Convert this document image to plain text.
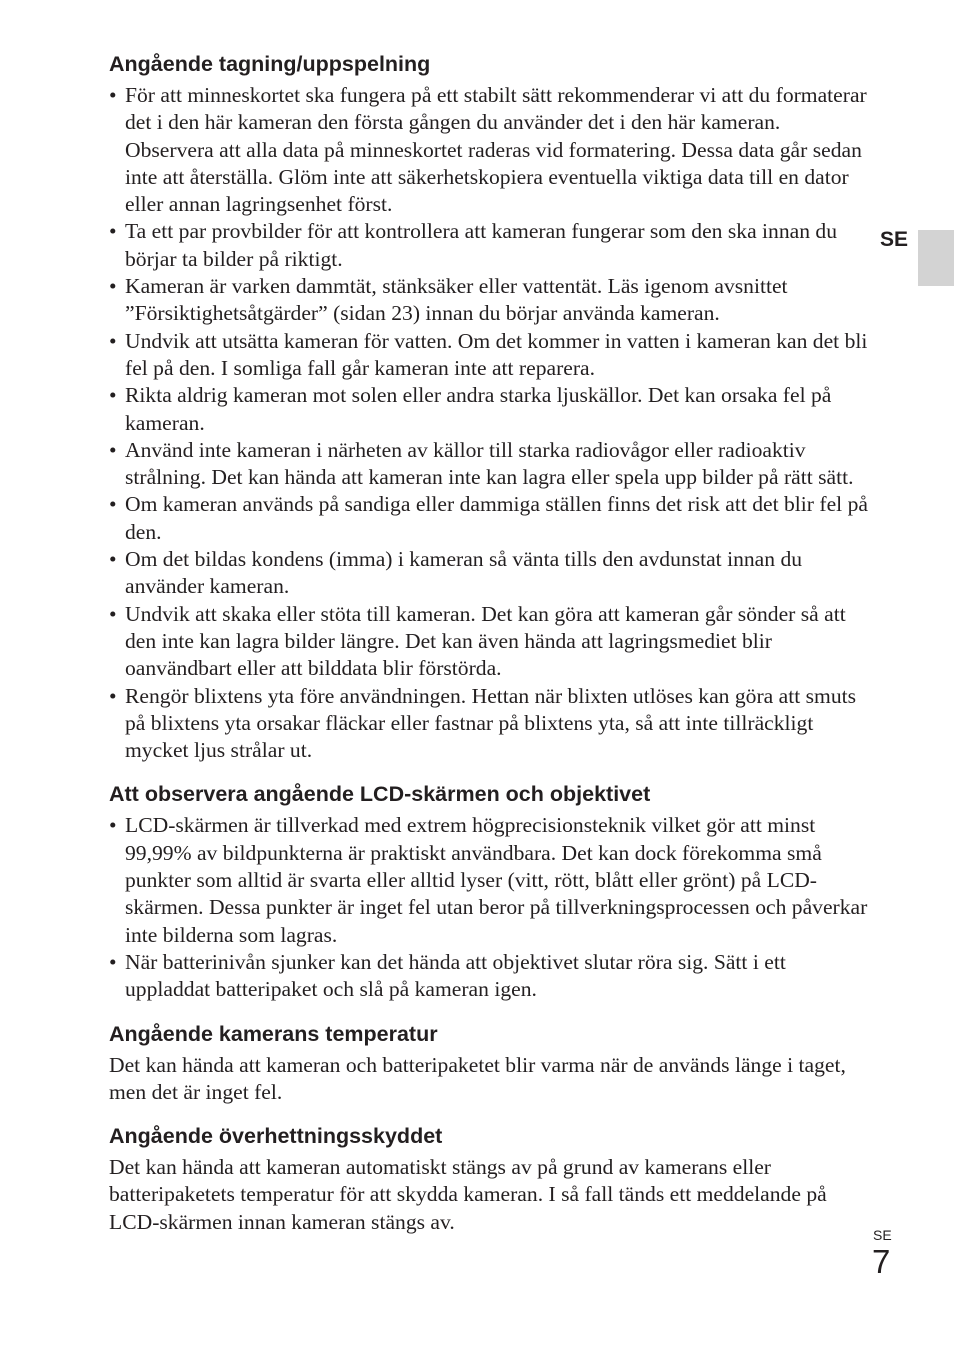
SE
Angående tagning/uppspelning
• För att minneskortet ska fungera på ett stabilt sätt rekommenderar vi att du formaterar det i den här kameran den första gången du använder det i den här kameran. Observera att alla data på minneskortet raderas vid formatering. Dessa data går sedan inte att återställa. Glöm inte att säkerhetskopiera eventuella viktiga data till en dator eller annan lagringsenhet först.
• Ta ett par provbilder för att kontrollera att kameran fungerar som den ska innan du börjar ta bilder på riktigt.
• Kameran är varken dammtät, stänksäker eller vattentät. Läs igenom avsnittet ”Försiktighetsåtgärder” (sidan 23) innan du börjar använda kameran.
• Undvik att utsätta kameran för vatten. Om det kommer in vatten i kameran kan det bli fel på den. I somliga fall går kameran inte att reparera.
• Rikta aldrig kameran mot solen eller andra starka ljuskällor. Det kan orsaka fel på kameran.
• Använd inte kameran i närheten av källor till starka radiovågor eller radioaktiv strålning. Det kan hända att kameran inte kan lagra eller spela upp bilder på rätt sätt.
• Om kameran används på sandiga eller dammiga ställen finns det risk att det blir fel på den.
• Om det bildas kondens (imma) i kameran så vänta tills den avdunstat innan du använder kameran.
• Undvik att skaka eller stöta till kameran. Det kan göra att kameran går sönder så att den inte kan lagra bilder längre. Det kan även hända att lagringsmediet blir oanvändbart eller att bilddata blir förstörda.
• Rengör blixtens yta före användningen. Hettan när blixten utlöses kan göra att smuts på blixtens yta orsakar fläckar eller fastnar på blixtens yta, så att inte tillräckligt mycket ljus strålar ut.
Att observera angående LCD-skärmen och objektivet
• LCD-skärmen är tillverkad med extrem högprecisionsteknik vilket gör att minst 99,99% av bildpunkterna är praktiskt användbara. Det kan dock förekomma små punkter som alltid är svarta eller alltid lyser (vitt, rött, blått eller grönt) på LCD-skärmen. Dessa punkter är inget fel utan beror på tillverkningsprocessen och påverkar inte bilderna som lagras.
• När batterinivån sjunker kan det hända att objektivet slutar röra sig. Sätt i ett uppladdat batteripaket och slå på kameran igen.
Angående kamerans temperatur

Det kan hända att kameran och batteripaketet blir varma när de används länge i taget, men det är inget fel.

Angående överhettningsskyddet

Det kan hända att kameran automatiskt stängs av på grund av kamerans eller batteripaketets temperatur för att skydda kameran. I så fall tänds ett meddelande på LCD-skärmen innan kameran stängs av.

SE
7
